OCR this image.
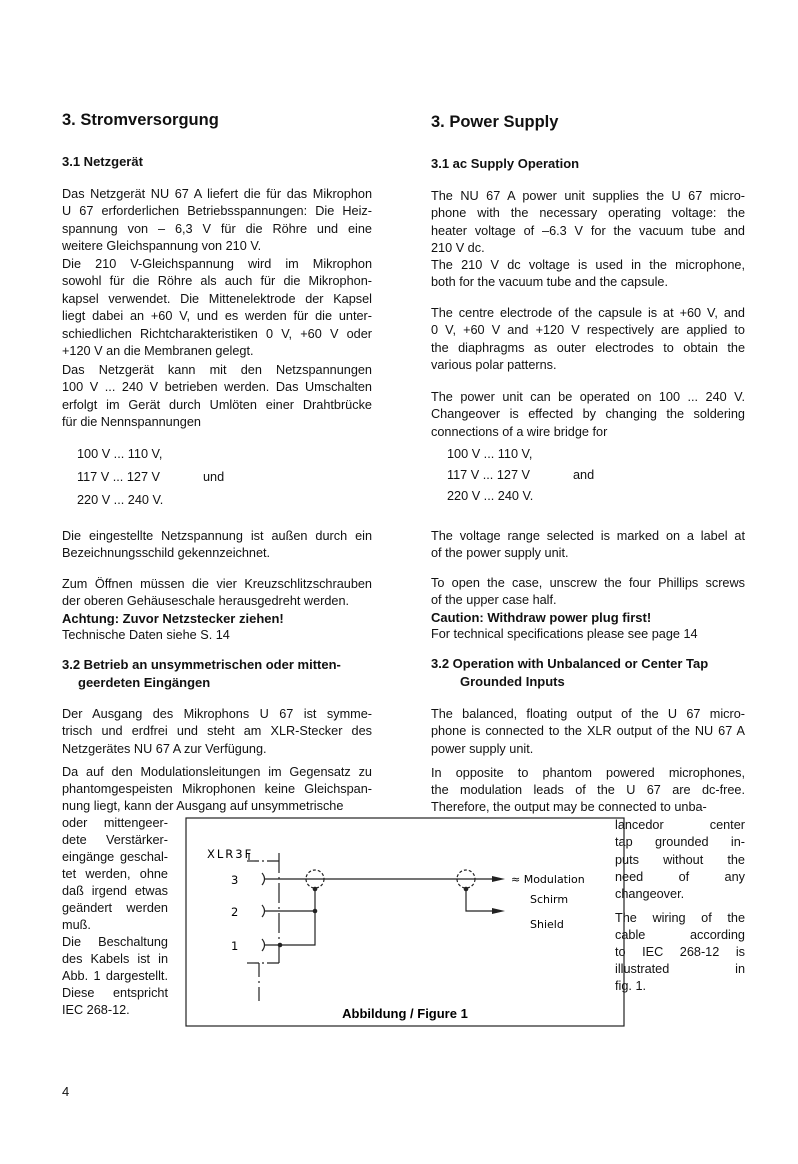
3. Stromversorgung
3.1 Netzgerät
Das Netzgerät NU 67 A liefert die für das Mikrophon
U 67 erforderlichen Betriebsspannungen: Die Heiz-
spannung von – 6,3 V für die Röhre und eine
weitere Gleichspannung von 210 V.
Die 210 V-Gleichspannung wird im Mikrophon
sowohl für die Röhre als auch für die Mikrophon-
kapsel verwendet. Die Mittenelektrode der Kapsel
liegt dabei an +60 V, und es werden für die unter-
schiedlichen Richtcharakteristiken 0 V, +60 V oder
+120 V an die Membranen gelegt.
Das Netzgerät kann mit den Netzspannungen
100 V ... 240 V betrieben werden. Das Umschalten
erfolgt im Gerät durch Umlöten einer Drahtbrücke
für die Nennspannungen
100 V ... 110 V,
117 V ... 127 V	und
220 V ... 240 V.
Die eingestellte Netzspannung ist außen durch ein
Bezeichnungsschild gekennzeichnet.
Zum Öffnen müssen die vier Kreuzschlitzschrauben
der oberen Gehäuseschale herausgedreht werden.
Achtung: Zuvor Netzstecker ziehen!
Technische Daten siehe S. 14
3.2 Betrieb an unsymmetrischen oder mitten-
geerdeten Eingängen
Der Ausgang des Mikrophons U 67 ist symme-
trisch und erdfrei und steht am XLR-Stecker des
Netzgerätes NU 67 A zur Verfügung.
Da auf den Modulationsleitungen im Gegensatz zu
phantomgespeisten Mikrophonen keine Gleichspan-
nung liegt, kann der Ausgang auf unsymmetrische
oder mittengeer-
dete Verstärker-
eingänge geschal-
tet werden, ohne
daß irgend etwas
geändert werden
muß.
Die Beschaltung
des Kabels ist in
Abb. 1 dargestellt.
Diese entspricht
IEC 268-12.
3. Power Supply
3.1 ac Supply Operation
The NU 67 A power unit supplies the U 67 micro-
phone with the necessary operating voltage: the
heater voltage of –6.3 V for the vacuum tube and
210 V dc.
The 210 V dc voltage is used in the microphone,
both for the vacuum tube and the capsule.
The centre electrode of the capsule is at +60 V, and
0 V, +60 V and +120 V respectively are applied to
the diaphragms as outer electrodes to obtain the
various polar patterns.
The power unit can be operated on 100 ... 240 V.
Changeover is effected by changing the soldering
connections of a wire bridge for
100 V ... 110 V,
117 V ... 127 V	and
220 V ... 240 V.
The voltage range selected is marked on a label at
of the power supply unit.
To open the case, unscrew the four Phillips screws
of the upper case half.
Caution: Withdraw power plug first!
For technical specifications please see page 14
3.2 Operation with Unbalanced or Center Tap
Grounded Inputs
The balanced, floating output of the U 67 micro-
phone is connected to the XLR output of the NU 67 A
power supply unit.
In opposite to phantom powered microphones,
the modulation leads of the U 67 are dc-free.
Therefore, the output may be connected to unba-
lancedor center
tap grounded in-
puts without the
need of any
changeover.
The wiring of the
cable according
to IEC 268-12 is
illustrated in
fig. 1.
XLR3F
3
2
1
≈ Modulation
Schirm
Shield
Abbildung / Figure 1
4
